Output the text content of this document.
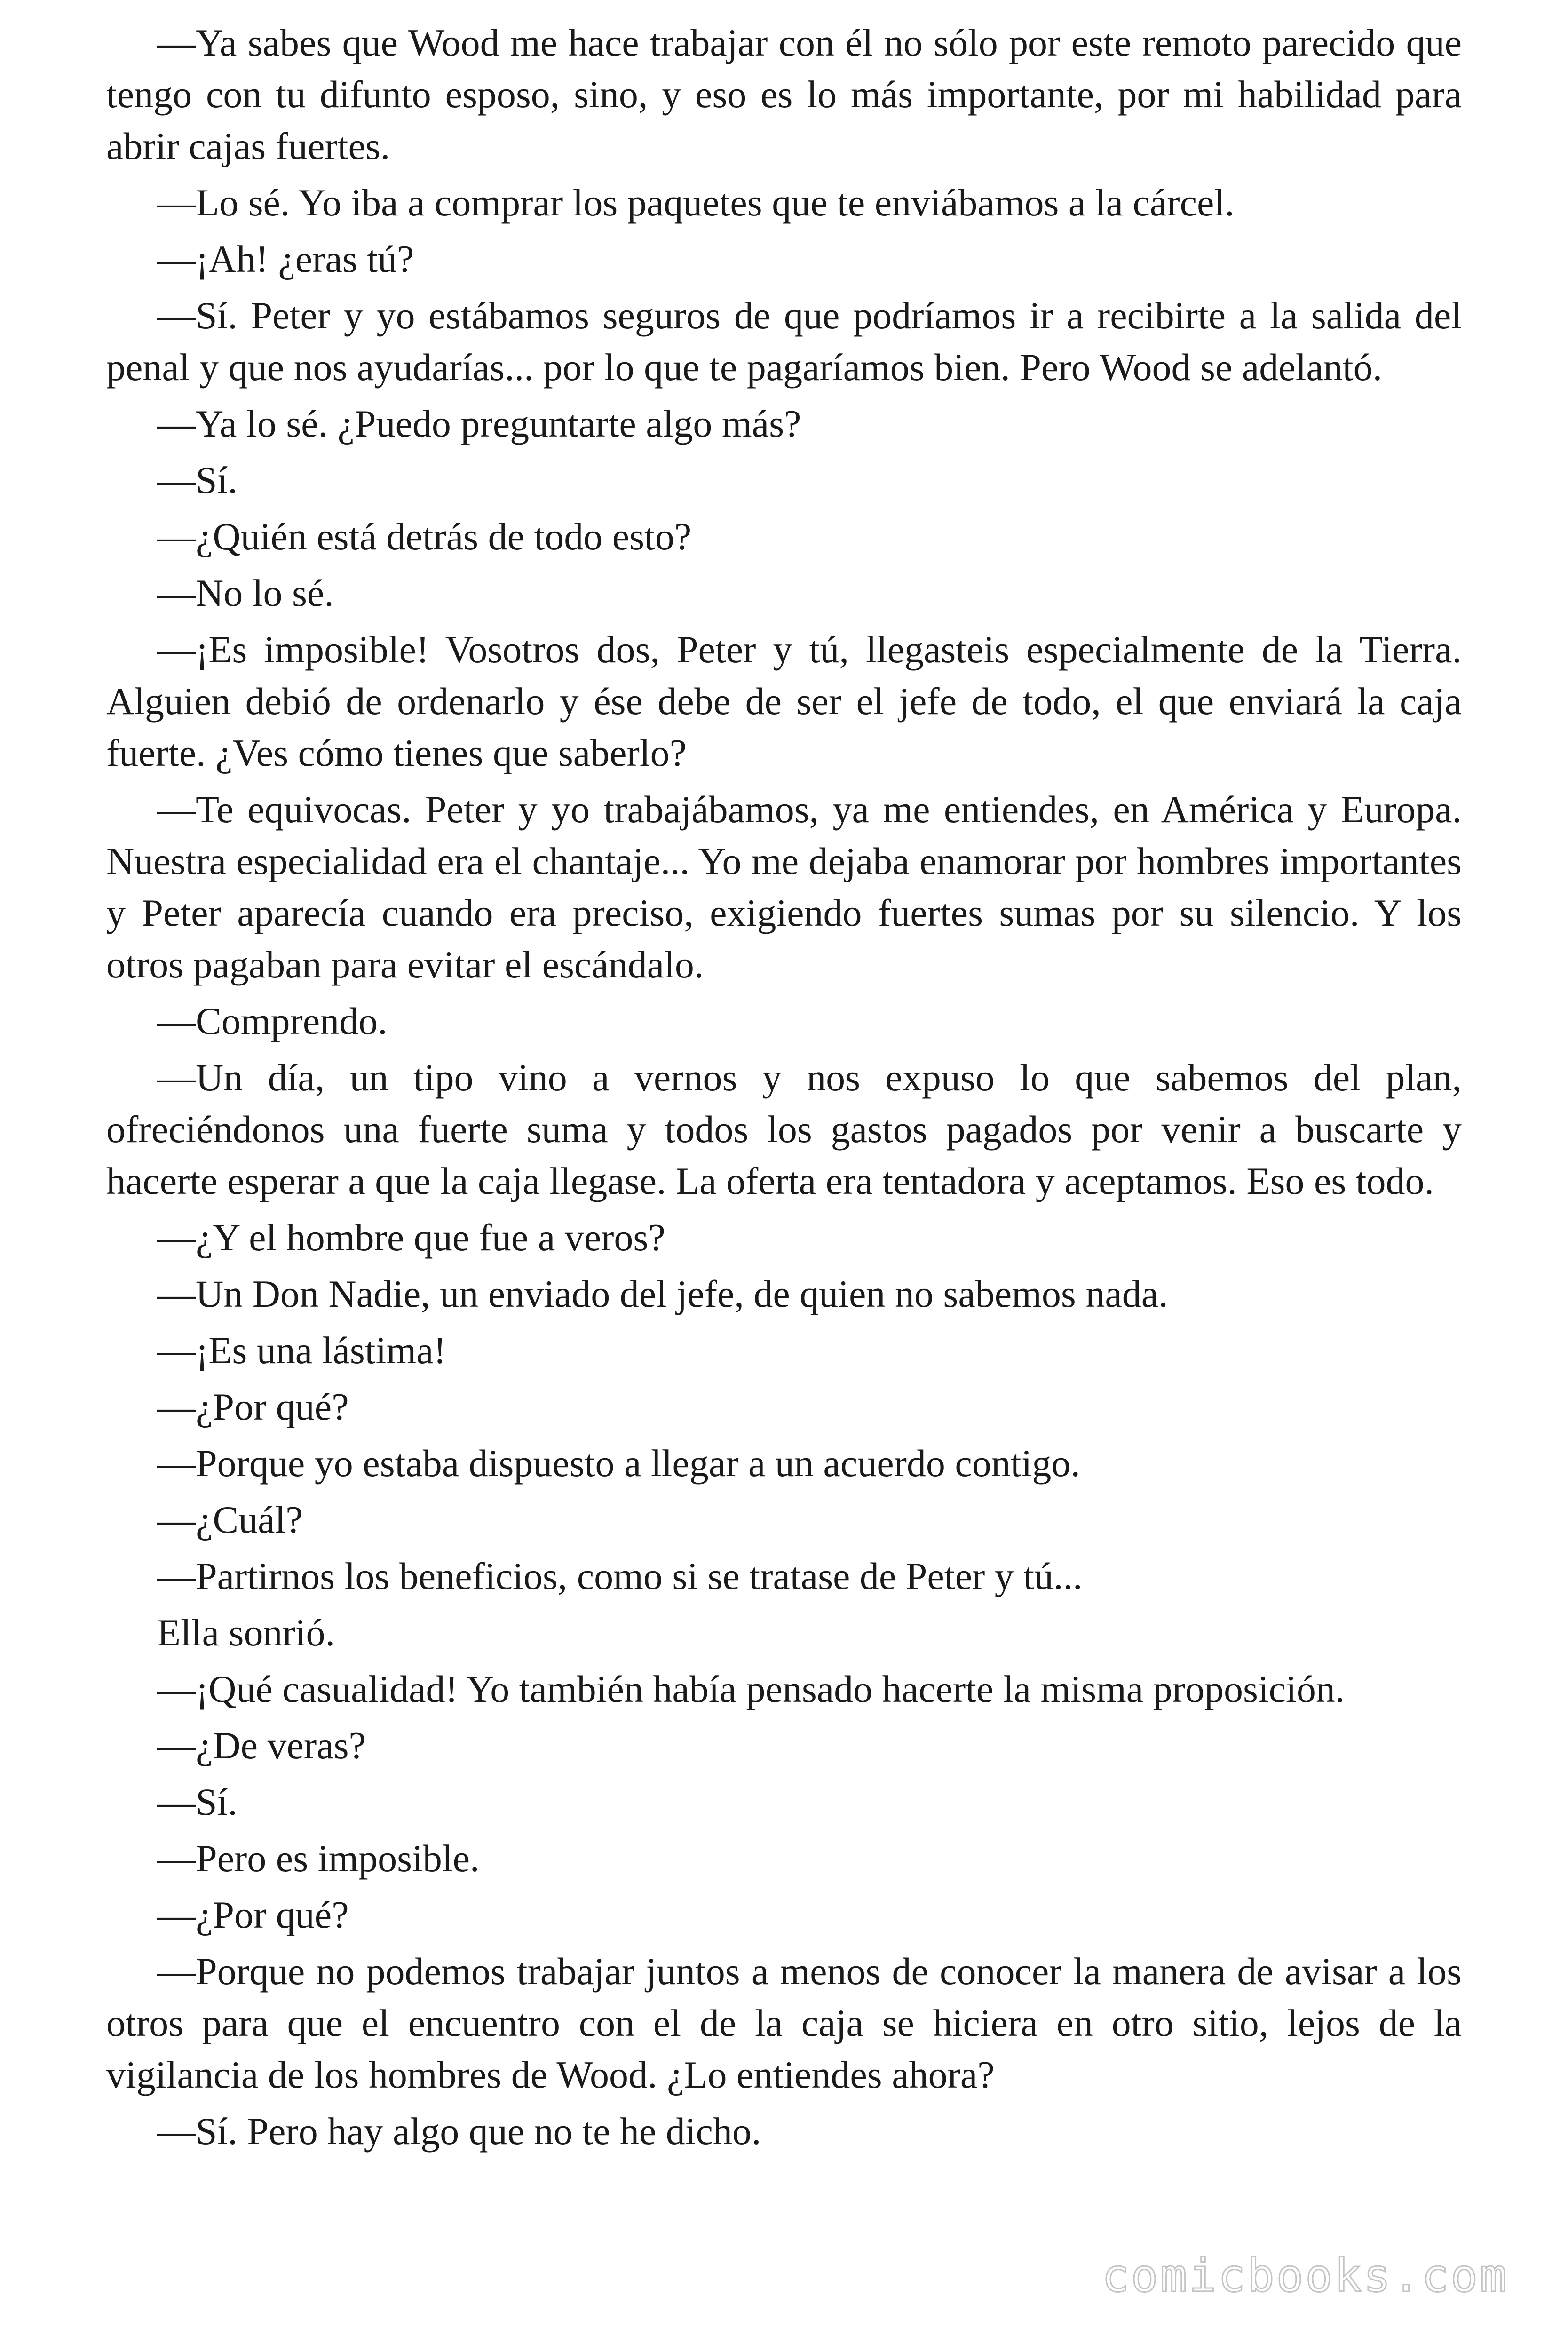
—Ya sabes que Wood me hace trabajar con él no sólo por este remoto parecido que tengo con tu difunto esposo, sino, y eso es lo más importante, por mi habilidad para abrir cajas fuertes.

—Lo sé. Yo iba a comprar los paquetes que te enviábamos a la cárcel.

—¡Ah! ¿eras tú?

—Sí. Peter y yo estábamos seguros de que podríamos ir a recibirte a la salida del penal y que nos ayudarías... por lo que te pagaríamos bien. Pero Wood se adelantó.

—Ya lo sé. ¿Puedo preguntarte algo más?

—Sí.

—¿Quién está detrás de todo esto?

—No lo sé.

—¡Es imposible! Vosotros dos, Peter y tú, llegasteis especialmente de la Tierra. Alguien debió de ordenarlo y ése debe de ser el jefe de todo, el que enviará la caja fuerte. ¿Ves cómo tienes que saberlo?

—Te equivocas. Peter y yo trabajábamos, ya me entiendes, en América y Europa. Nuestra especialidad era el chantaje... Yo me dejaba enamorar por hombres importantes y Peter aparecía cuando era preciso, exigiendo fuertes sumas por su silencio. Y los otros pagaban para evitar el escándalo.

—Comprendo.

—Un día, un tipo vino a vernos y nos expuso lo que sabemos del plan, ofreciéndonos una fuerte suma y todos los gastos pagados por venir a buscarte y hacerte esperar a que la caja llegase. La oferta era tentadora y aceptamos. Eso es todo.

—¿Y el hombre que fue a veros?

—Un Don Nadie, un enviado del jefe, de quien no sabemos nada.

—¡Es una lástima!

—¿Por qué?

—Porque yo estaba dispuesto a llegar a un acuerdo contigo.

—¿Cuál?

—Partirnos los beneficios, como si se tratase de Peter y tú...

Ella sonrió.

—¡Qué casualidad! Yo también había pensado hacerte la misma proposición.

—¿De veras?

—Sí.

—Pero es imposible.

—¿Por qué?

—Porque no podemos trabajar juntos a menos de conocer la manera de avisar a los otros para que el encuentro con el de la caja se hiciera en otro sitio, lejos de la vigilancia de los hombres de Wood. ¿Lo entiendes ahora?

—Sí. Pero hay algo que no te he dicho.

comicbooks.com
